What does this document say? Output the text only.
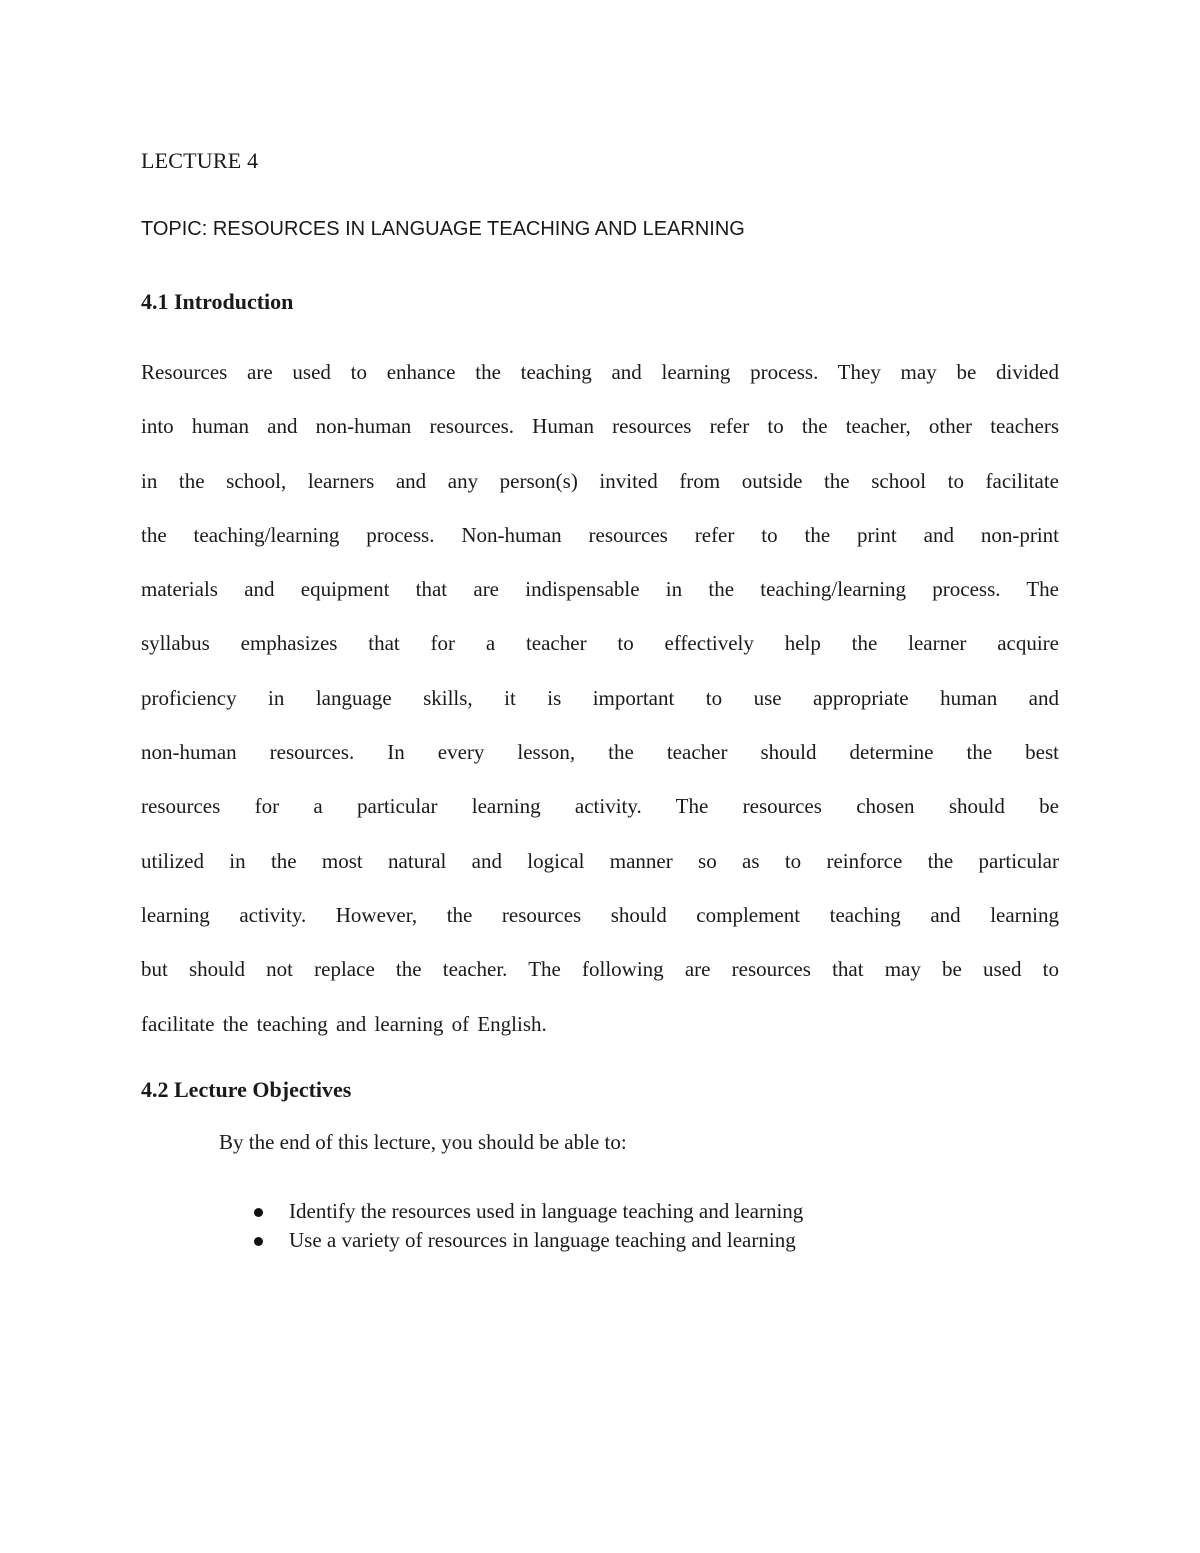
LECTURE 4
TOPIC: RESOURCES IN LANGUAGE TEACHING AND LEARNING
4.1 Introduction

Resources are used to enhance the teaching and learning process. They may be divided
into human and non-human resources. Human resources refer to the teacher, other teachers
in the school, learners and any person(s) invited from outside the school to facilitate
the teaching/learning process. Non-human resources refer to the print and non-print
materials and equipment that are indispensable in the teaching/learning process. The
syllabus emphasizes that for a teacher to effectively help the learner acquire
proficiency in language skills, it is important to use appropriate human and
non-human resources. In every lesson, the teacher should determine the best
resources for a particular learning activity. The resources chosen should be
utilized in the most natural and logical manner so as to reinforce the particular
learning activity. However, the resources should complement teaching and learning
but should not replace the teacher. The following are resources that may be used to
facilitate the teaching and learning of English.

4.2 Lecture Objectives

By the end of this lecture, you should be able to:

Identify the resources used in language teaching and learning
Use a variety of resources in language teaching and learning
